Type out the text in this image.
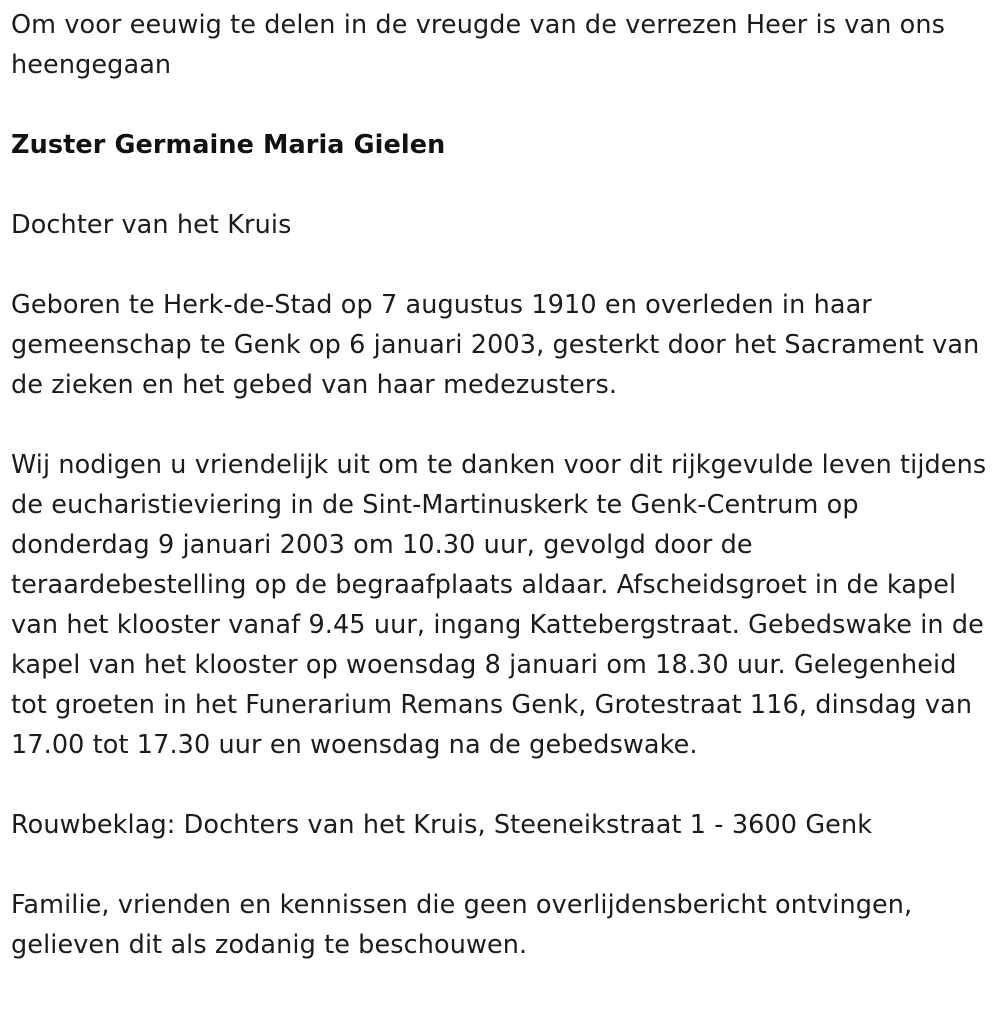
Om voor eeuwig te delen in de vreugde van de verrezen Heer is van ons heengegaan

Zuster Germaine Maria Gielen

Dochter van het Kruis

Geboren te Herk-de-Stad op 7 augustus 1910 en overleden in haar gemeenschap te Genk op 6 januari 2003, gesterkt door het Sacrament van de zieken en het gebed van haar medezusters.

Wij nodigen u vriendelijk uit om te danken voor dit rijkgevulde leven tijdens de eucharistieviering in de Sint-Martinuskerk te Genk-Centrum op donderdag 9 januari 2003 om 10.30 uur, gevolgd door de teraardebestelling op de begraafplaats aldaar. Afscheidsgroet in de kapel van het klooster vanaf 9.45 uur, ingang Kattebergstraat. Gebedswake in de kapel van het klooster op woensdag 8 januari om 18.30 uur. Gelegenheid tot groeten in het Funerarium Remans Genk, Grotestraat 116, dinsdag van 17.00 tot 17.30 uur en woensdag na de gebedswake.

Rouwbeklag: Dochters van het Kruis, Steeneikstraat 1 - 3600 Genk

Familie, vrienden en kennissen die geen overlijdensbericht ontvingen, gelieven dit als zodanig te beschouwen.
